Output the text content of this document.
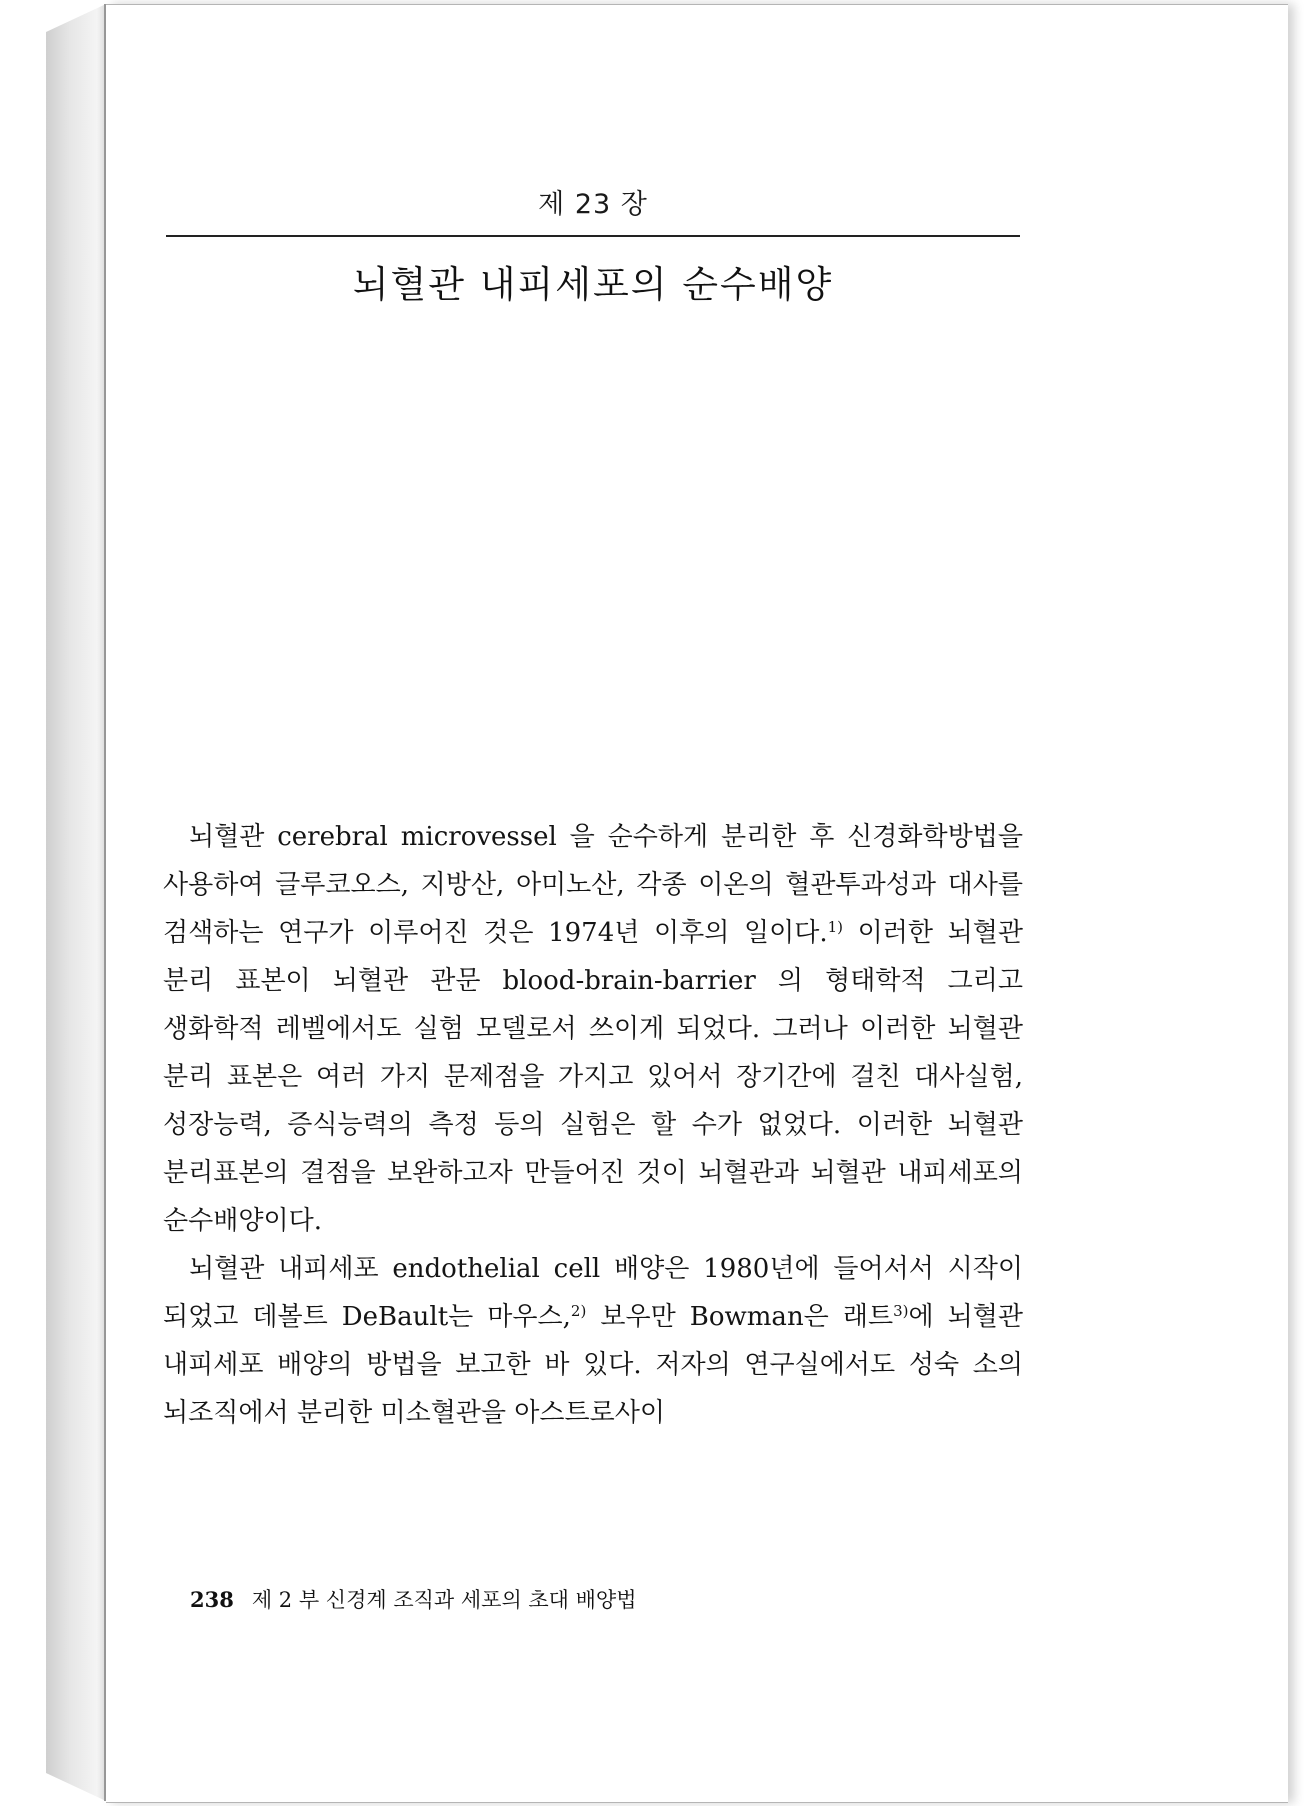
제 23 장
뇌혈관 내피세포의 순수배양

뇌혈관 cerebral microvessel 을 순수하게 분리한 후 신경화학방법을 사용하여 글루코오스, 지방산, 아미노산, 각종 이온의 혈관투과성과 대사를 검색하는 연구가 이루어진 것은 1974년 이후의 일이다.$^{1)}$ 이러한 뇌혈관 분리 표본이 뇌혈관 관문 blood-brain-barrier 의 형태학적 그리고 생화학적 레벨에서도 실험 모델로서 쓰이게 되었다. 그러나 이러한 뇌혈관 분리 표본은 여러 가지 문제점을 가지고 있어서 장기간에 걸친 대사실험, 성장능력, 증식능력의 측정 등의 실험은 할 수가 없었다. 이러한 뇌혈관 분리표본의 결점을 보완하고자 만들어진 것이 뇌혈관과 뇌혈관 내피세포의 순수배양이다.

뇌혈관 내피세포 endothelial cell 배양은 1980년에 들어서서 시작이 되었고 데볼트 DeBault는 마우스,$^{2)}$ 보우만 Bowman은 래트$^{3)}$에 뇌혈관 내피세포 배양의 방법을 보고한 바 있다. 저자의 연구실에서도 성숙 소의 뇌조직에서 분리한 미소혈관을 아스트로사이

238 제 2 부 신경계 조직과 세포의 초대 배양법
